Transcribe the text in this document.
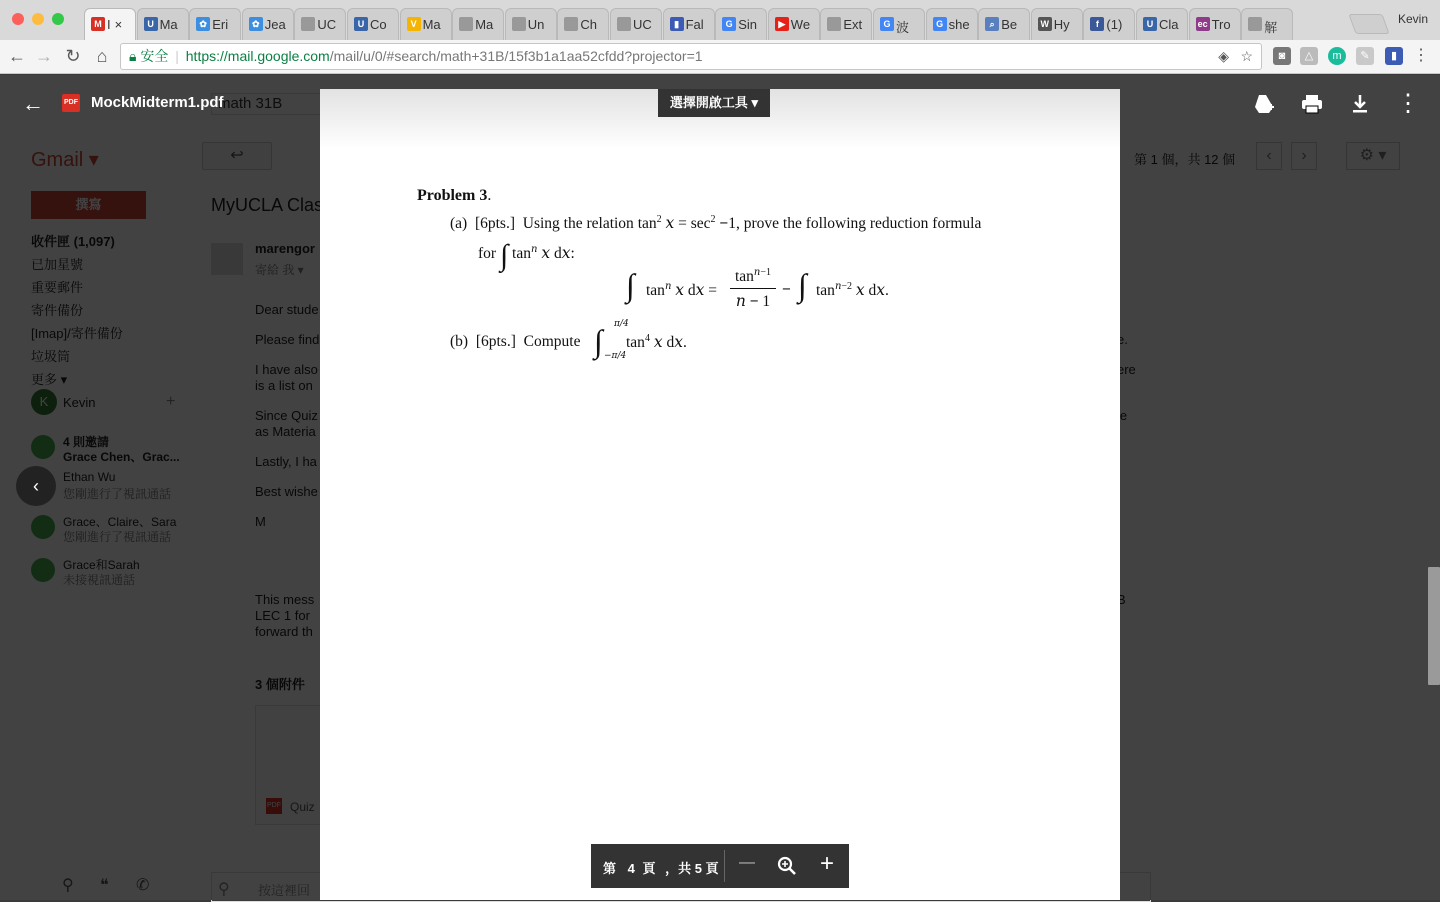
M I ×	U Ma	✿ Eri	✿ Jea	UC	U Co	V Ma	Ma	Un	Ch	UC	▮ Fal	G Sin	▶ We	Ext	G 波	G she	⌕ Be	W Hy	f (1)	U Cla	ec Tro	解
Kevin
← → ↻ ⌂	🔒︎ 安全 | https://mail.google.com/mail/u/0/#search/math+31B/15f3b1a1aa52cfdd?projector=1	◈ ☆	◙	△	m	✎	▮ ⋮
←	PDF MockMidterm1.pdf	⋮
選擇開啟工具 ▾
Problem 3.
(a) [6pts.] Using the relation $\tan^2 x = \sec^2 -1$, prove the following reduction formula
for ∫ $\tan^n x$ dx:
∫ $\tan^n x$ dx =
$\tan^{n-1}$
n − 1
− ∫ $\tan^{n-2} x$ dx.
(b) [6pts.] Compute ∫ π/4
−π/4
$\tan^4 x$ dx.
‹
第 4 頁 ，共 5 頁 —	+
